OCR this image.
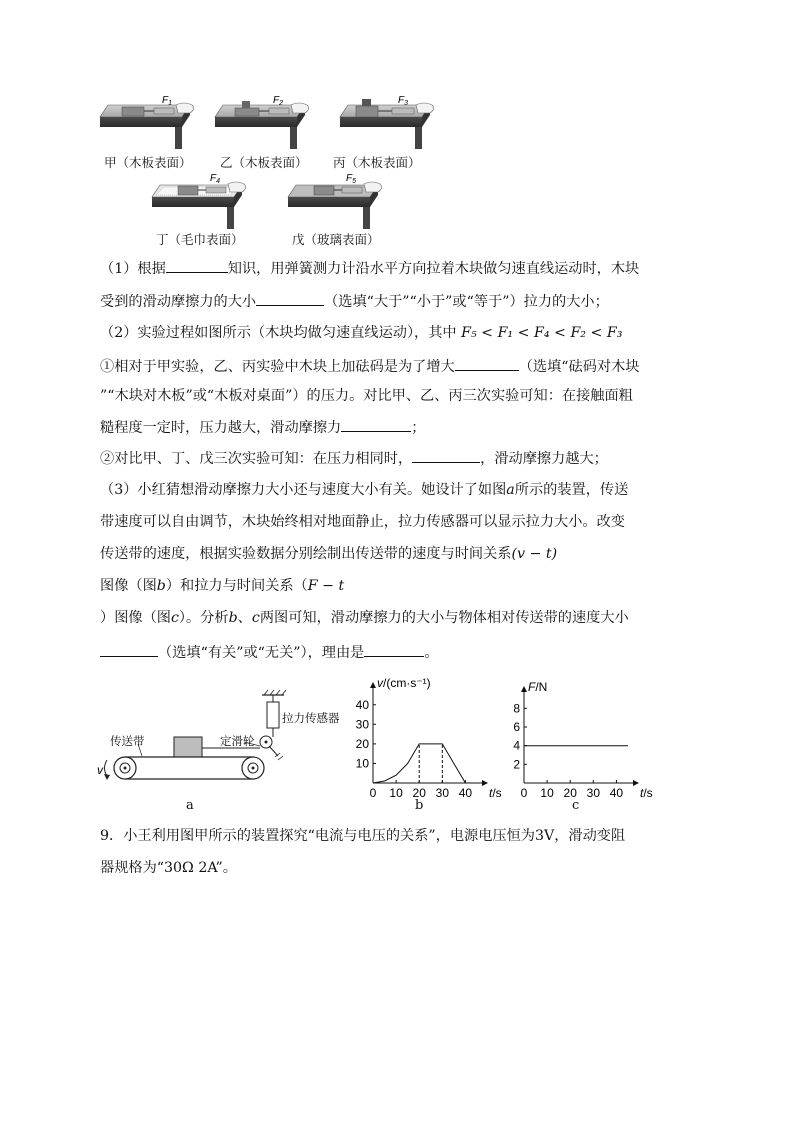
$F_1$	$F_2$	$F_3$
$F_4$	$F_5$
甲（木板表面） 乙（木板表面） 丙（木板表面）
丁（毛巾表面）	戊（玻璃表面）
（1）根据	知识，用弹簧测力计沿水平方向拉着木块做匀速直线运动时，木块
受到的滑动摩擦力的大小	（选填“大于”“小于”或“等于”）拉力的大小；
（2）实验过程如图所示（木块均做匀速直线运动），其中 F₅ < F₁ < F₄ < F₂ < F₃
①相对于甲实验，乙、丙实验中木块上加砝码是为了增大	（选填“砝码对木块
”“木块对木板”或“木板对桌面”）的压力。对比甲、乙、丙三次实验可知：在接触面粗
糙程度一定时，压力越大，滑动摩擦力	；
②对比甲、丁、戊三次实验可知：在压力相同时，	，滑动摩擦力越大；
（3）小红猜想滑动摩擦力大小还与速度大小有关。她设计了如图a所示的装置，传送
带速度可以自由调节，木块始终相对地面静止，拉力传感器可以显示拉力大小。改变
传送带的速度，根据实验数据分别绘制出传送带的速度与时间关系(v − t)
图像（图b）和拉力与时间关系（F − t
）图像（图c）。分析b、c两图可知，滑动摩擦力的大小与物体相对传送带的速度大小
（选填“有关”或“无关”），理由是	。
v
传送带	定滑轮
拉力传感器
a
0 10 20 30 40
10
20
30
40
t/s
v/(cm·s⁻¹)
b
0 10 20 30 40
2
4
6
8
t/s
F/N
c
9．小王利用图甲所示的装置探究“电流与电压的关系”，电源电压恒为3V，滑动变阻
器规格为“30Ω 2A”。
